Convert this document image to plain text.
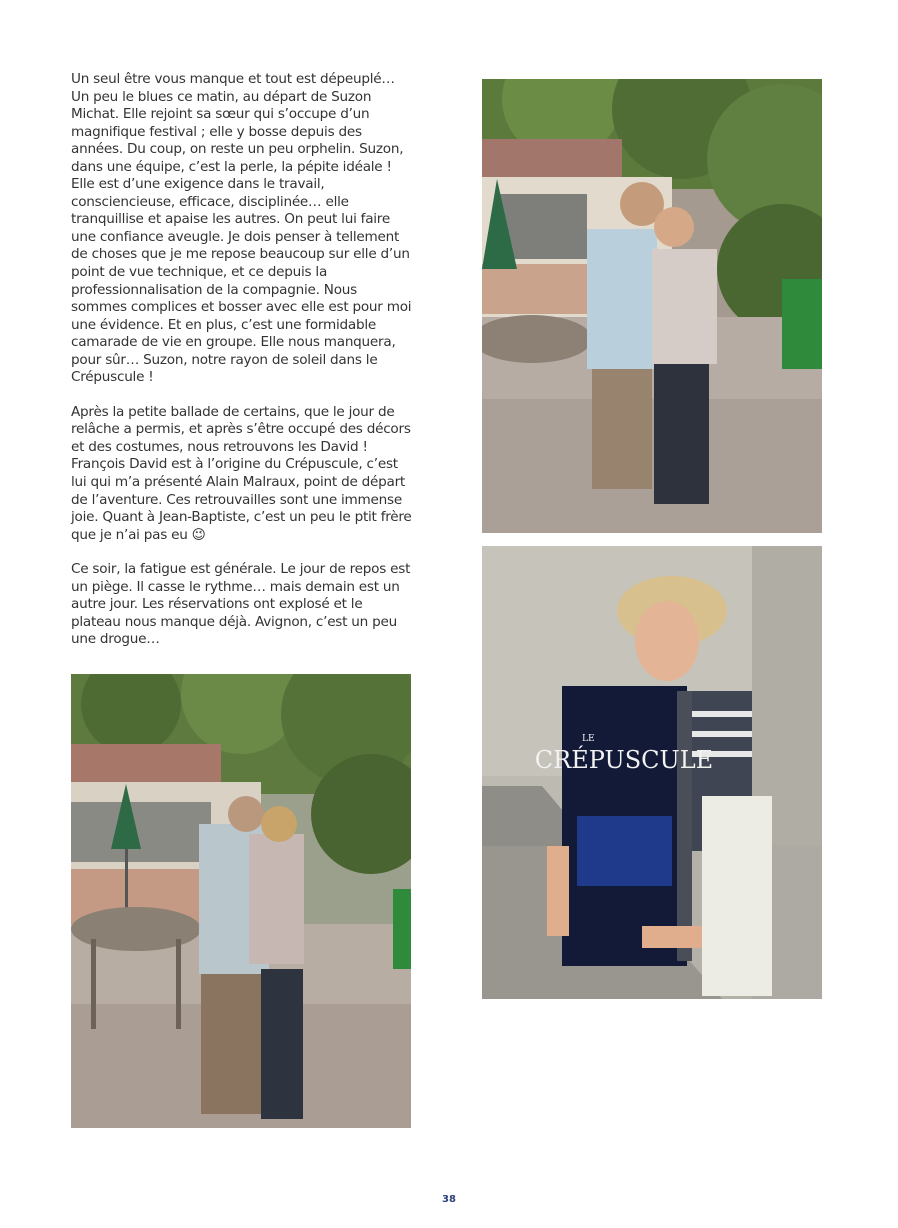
Un seul être vous manque et tout est dépeuplé… Un peu le blues ce matin, au départ de Suzon Michat. Elle rejoint sa sœur qui s’occupe d’un magnifique festival ; elle y bosse depuis des années. Du coup, on reste un peu orphelin. Suzon, dans une équipe, c’est la perle, la pépite idéale ! Elle est d’une exigence dans le travail, consciencieuse, efficace, disciplinée… elle tranquillise et apaise les autres. On peut lui faire une confiance aveugle. Je dois penser à tellement de choses que je me repose beaucoup sur elle d’un point de vue technique, et ce depuis la professionnalisation de la compagnie. Nous sommes complices et bosser avec elle est pour moi une évidence. Et en plus, c’est une formidable camarade de vie en groupe. Elle nous manquera, pour sûr… Suzon, notre rayon de soleil dans le Crépuscule !

Après la petite ballade de certains, que le jour de relâche a permis, et après s’être occupé des décors et des costumes, nous retrouvons les David ! François David est à l’origine du Crépuscule, c’est lui qui m’a présenté Alain Malraux, point de départ de l’aventure. Ces retrouvailles sont une immense joie. Quant à Jean-Baptiste, c’est un peu le ptit frère que je n’ai pas eu 😉

Ce soir, la fatigue est générale. Le jour de repos est un piège. Il casse le rythme… mais demain est un autre jour. Les réservations ont explosé et le plateau nous manque déjà. Avignon, c’est un peu une drogue…

CRÉPUSCULE
LE
38
